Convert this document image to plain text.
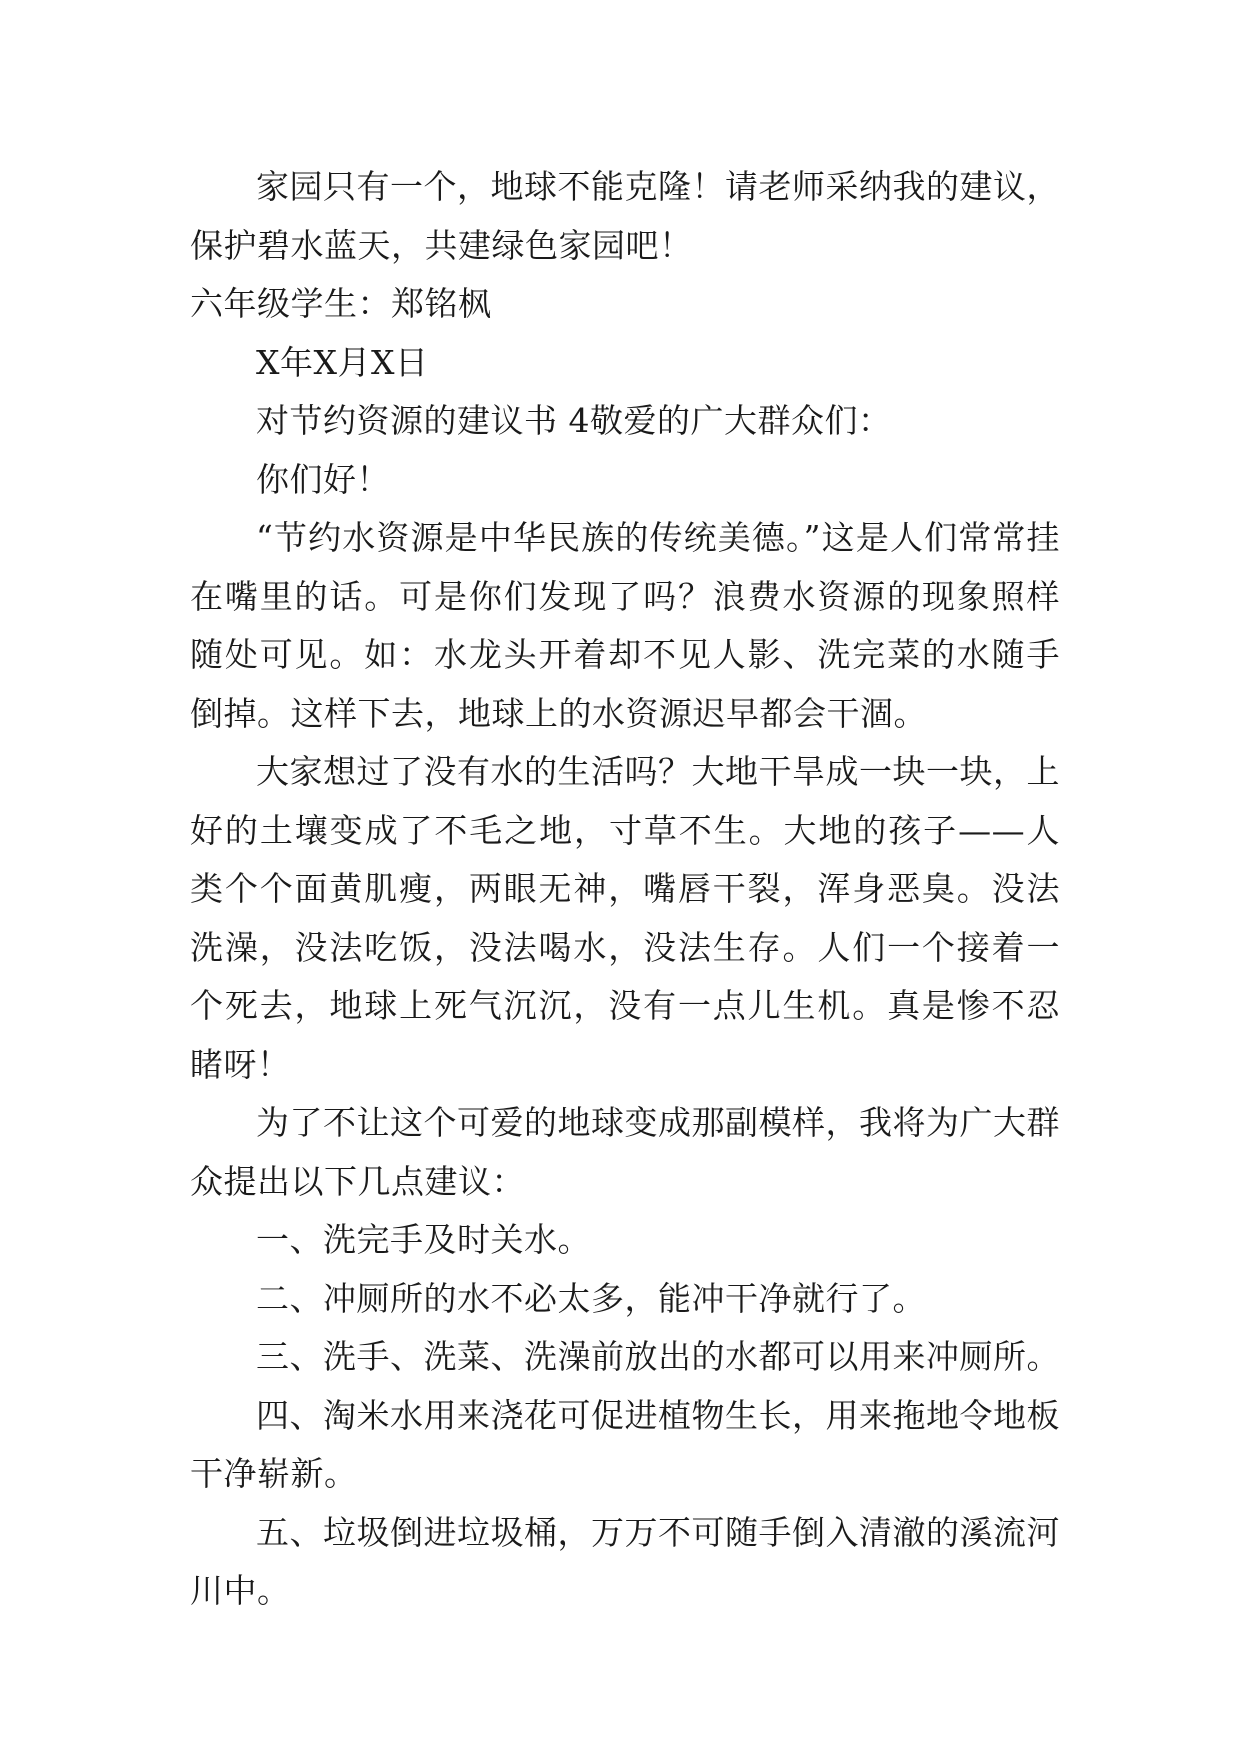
家园只有一个，地球不能克隆！请老师采纳我的建议，保护碧水蓝天，共建绿色家园吧！

六年级学生：郑铭枫

X年X月X日

对节约资源的建议书 4敬爱的广大群众们：

你们好！

“节约水资源是中华民族的传统美德。”这是人们常常挂在嘴里的话。可是你们发现了吗？浪费水资源的现象照样随处可见。如：水龙头开着却不见人影、洗完菜的水随手倒掉。这样下去，地球上的水资源迟早都会干涸。

大家想过了没有水的生活吗？大地干旱成一块一块，上好的土壤变成了不毛之地，寸草不生。大地的孩子——人类个个面黄肌瘦，两眼无神，嘴唇干裂，浑身恶臭。没法洗澡，没法吃饭，没法喝水，没法生存。人们一个接着一个死去，地球上死气沉沉，没有一点儿生机。真是惨不忍睹呀！

为了不让这个可爱的地球变成那副模样，我将为广大群众提出以下几点建议：

一、洗完手及时关水。

二、冲厕所的水不必太多，能冲干净就行了。

三、洗手、洗菜、洗澡前放出的水都可以用来冲厕所。

四、淘米水用来浇花可促进植物生长，用来拖地令地板干净崭新。

五、垃圾倒进垃圾桶，万万不可随手倒入清澈的溪流河川中。
